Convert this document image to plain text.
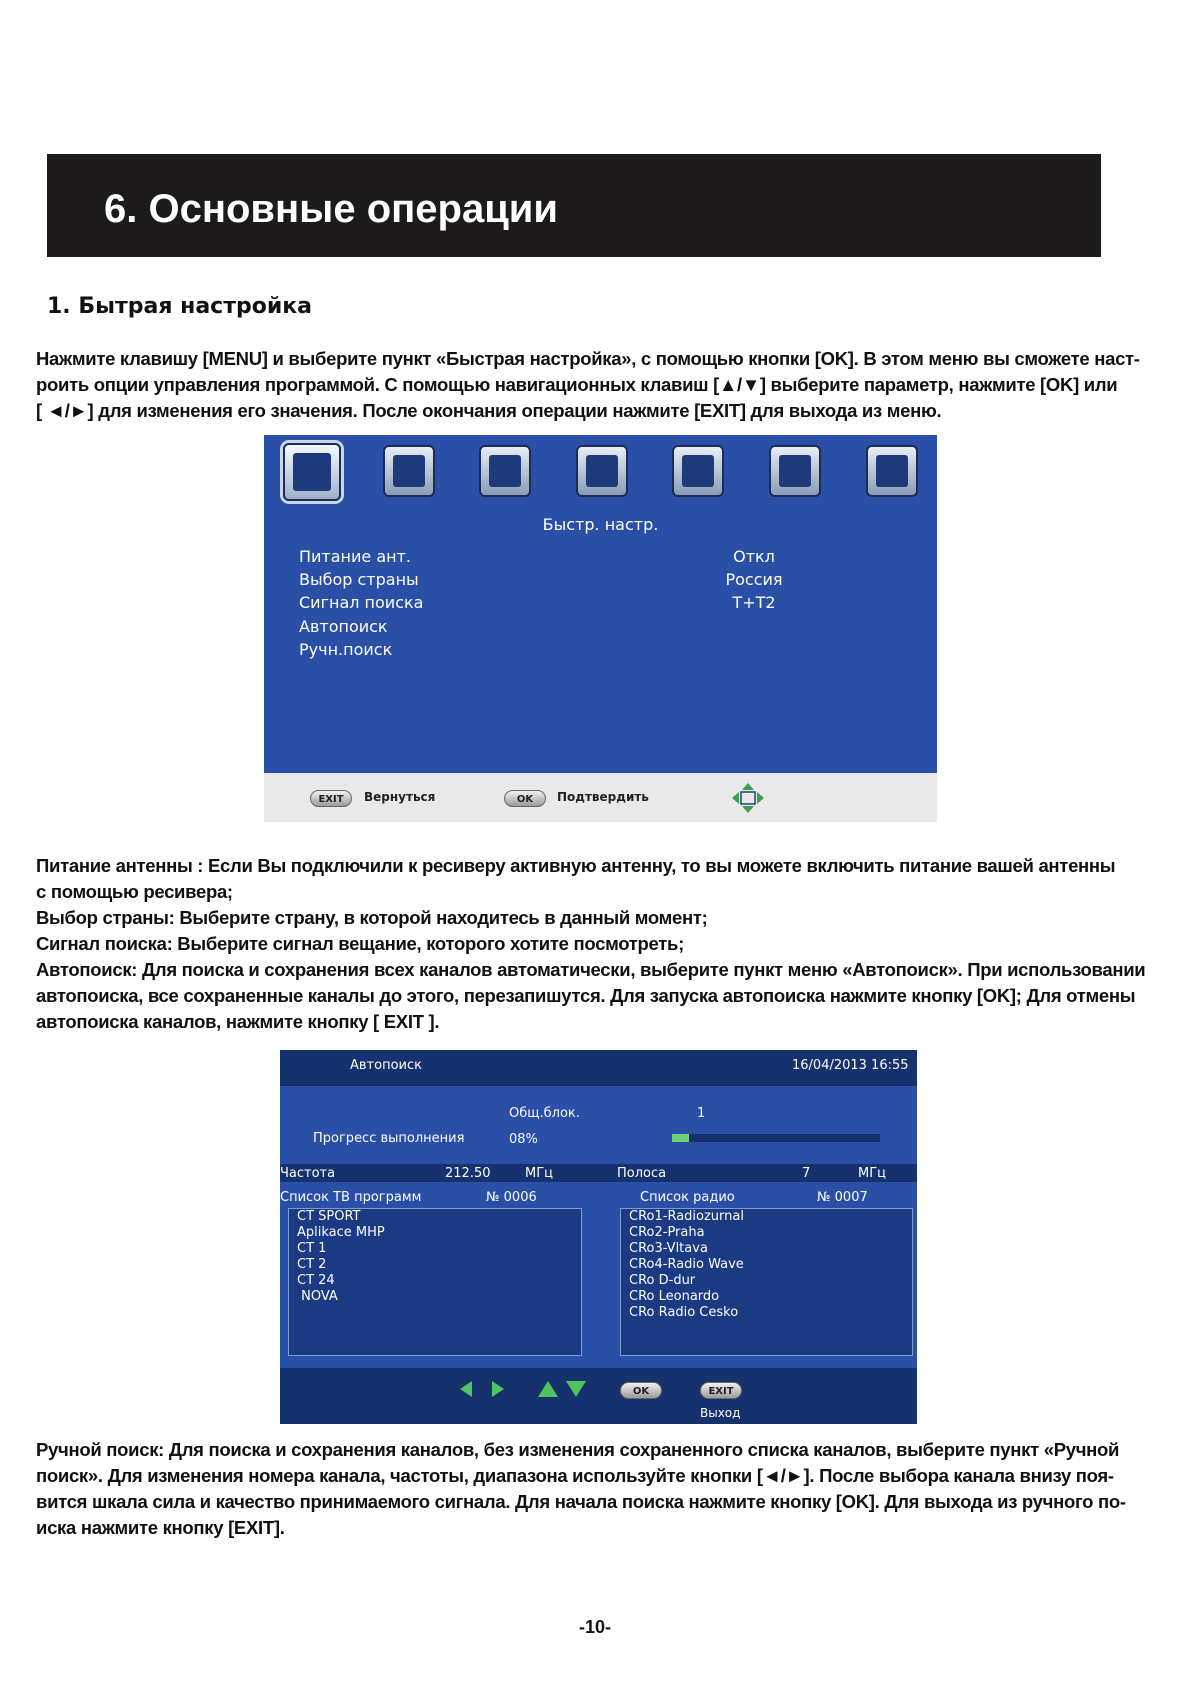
6. Основные операции
1. Бытрая настройка

Нажмите клавишу [MENU] и выберите пункт «Быстрая настройка», с помощью кнопки [OK]. В этом меню вы сможете наст-

роить опции управления программой. С помощью навигационных клавиш [▲/▼] выберите параметр, нажмите [OK] или

[ ◄/►] для изменения его значения. После окончания операции нажмите [EXIT] для выхода из меню.

Быстр. настр.
Питание ант.	Откл
Выбор страны	Россия
Сигнал поиска	T+T2
Автопоиск
Ручн.поиск
EXIT	Вернуться	OK	Подтвердить

Питание антенны : Если Вы подключили к ресиверу активную антенну, то вы можете включить питание вашей антенны

с помощью ресивера;

Выбор страны: Выберите страну, в которой находитесь в данный момент;

Сигнал поиска: Выберите сигнал вещание, которого хотите посмотреть;

Автопоиск: Для поиска и сохранения всех каналов автоматически, выберите пункт меню «Автопоиск». При использовании

автопоиска, все сохраненные каналы до этого, перезапишутся. Для запуска автопоиска нажмите кнопку [OK]; Для отмены

автопоиска каналов, нажмите кнопку [ EXIT ].

Автопоиск	16/04/2013 16:55
Общ.блок.	1
Прогресс выполнения	08%
Частота	212.50	МГц	Полоса	7	МГц
Список ТВ программ	№ 0006	Список радио	№ 0007
CT SPORT
Aplikace MHP
CT 1
CT 2
CT 24
NOVA
CRo1-Radiozurnal
CRo2-Praha
CRo3-Vltava
CRo4-Radio Wave
CRo D-dur
CRo Leonardo
CRo Radio Cesko
OK	EXIT
Выход

Ручной поиск: Для поиска и сохранения каналов, без изменения сохраненного списка каналов, выберите пункт «Ручной

поиск». Для изменения номера канала, частоты, диапазона используйте кнопки [◄/►]. После выбора канала внизу поя-

вится шкала сила и качество принимаемого сигнала. Для начала поиска нажмите кнопку [OK]. Для выхода из ручного по-

иска нажмите кнопку [EXIT].

-10-
